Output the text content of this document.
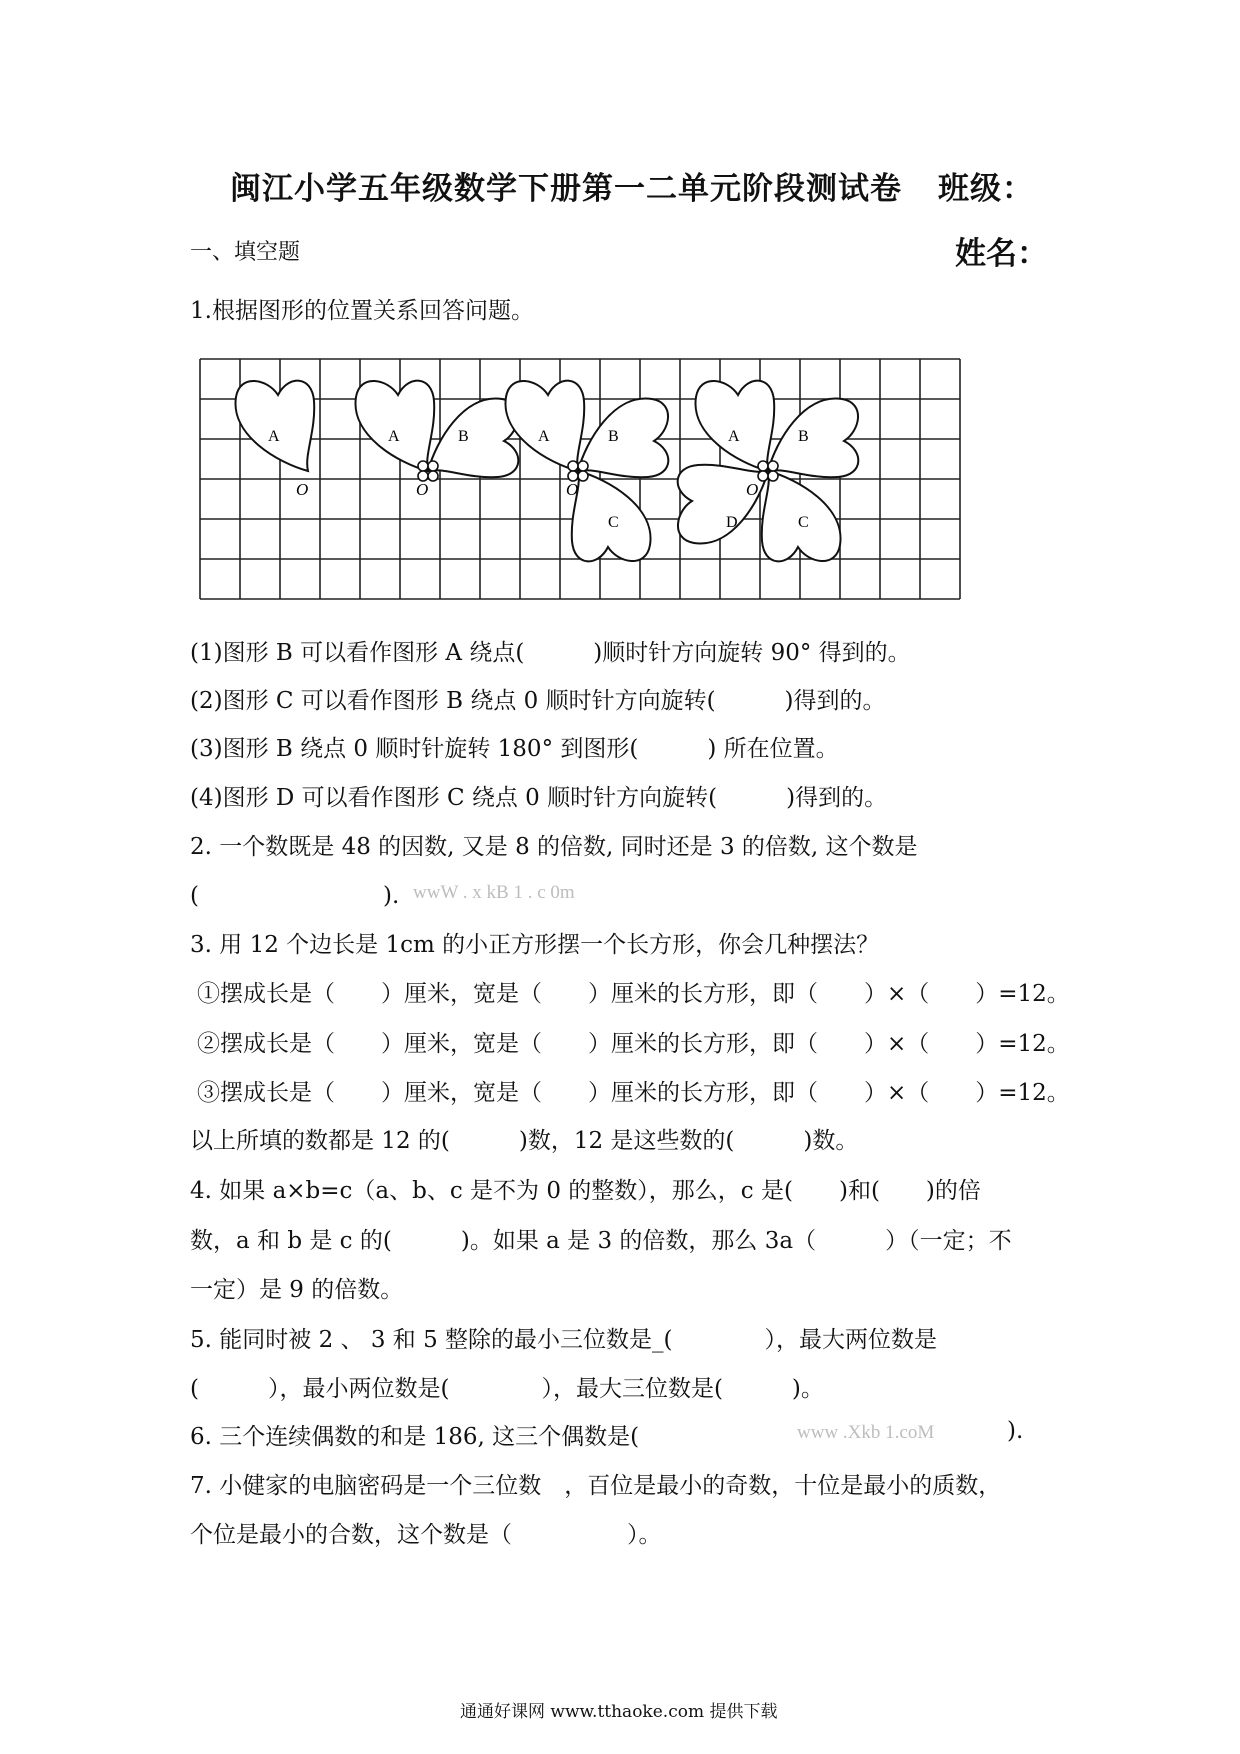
闽江小学五年级数学下册第一二单元阶段测试卷 班级：
一、填空题	姓名：
1.根据图形的位置关系回答问题。
A
O
A	B
O
A	B
C
O
A	B
C
D
O
(1)图形 B 可以看作图形 A 绕点(　　　)顺时针方向旋转 90° 得到的。
(2)图形 C 可以看作图形 B 绕点 0 顺时针方向旋转(　　　)得到的。
(3)图形 B 绕点 0 顺时针旋转 180° 到图形(　　　) 所在位置。
(4)图形 D 可以看作图形 C 绕点 0 顺时针方向旋转(　　　)得到的。
2. 一个数既是 48 的因数, 又是 8 的倍数, 同时还是 3 的倍数, 这个数是
(　　　　　　　　). wwW . x kB 1 . c 0m
3. 用 12 个边长是 1cm 的小正方形摆一个长方形，你会几种摆法？
①摆成长是（　　）厘米，宽是（　　）厘米的长方形，即（　　）×（　　）=12。
②摆成长是（　　）厘米，宽是（　　）厘米的长方形，即（　　）×（　　）=12。
③摆成长是（　　）厘米，宽是（　　）厘米的长方形，即（　　）×（　　）=12。
以上所填的数都是 12 的(　　　)数，12 是这些数的(　　　)数。
4. 如果 a×b=c（a、b、c 是不为 0 的整数），那么，c 是(　　)和(　　)的倍
数，a 和 b 是 c 的(　　　)。如果 a 是 3 的倍数，那么 3a（　　　）（一定；不
一定）是 9 的倍数。
5. 能同时被 2 、 3 和 5 整除的最小三位数是_(　　　　），最大两位数是
(　　　），最小两位数是(　　　　），最大三位数是(　　　)。
6. 三个连续偶数的和是 186, 这三个偶数是(	www .Xkb 1.coM	).
7. 小健家的电脑密码是一个三位数　，百位是最小的奇数，十位是最小的质数，
个位是最小的合数，这个数是（　　　　　）。
通通好课网 www.tthaoke.com 提供下载
